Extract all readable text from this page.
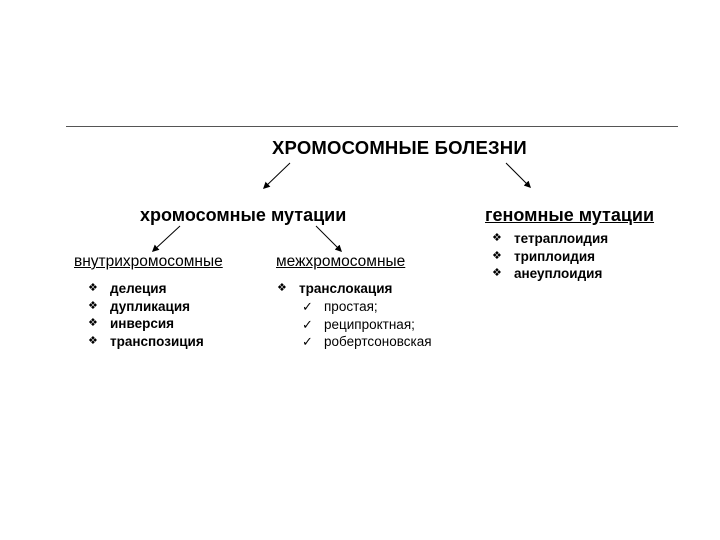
ХРОМОСОМНЫЕ БОЛЕЗНИ
хромосомные мутации	геномные мутации
внутрихромосомные	межхромосомные
❖ делеция
❖ дупликация
❖ инверсия
❖ транспозиция
❖ транслокация
✓ простая;
✓ реципроктная;
✓ робертсоновская
❖ тетраплоидия
❖ триплоидия
❖ анеуплоидия
